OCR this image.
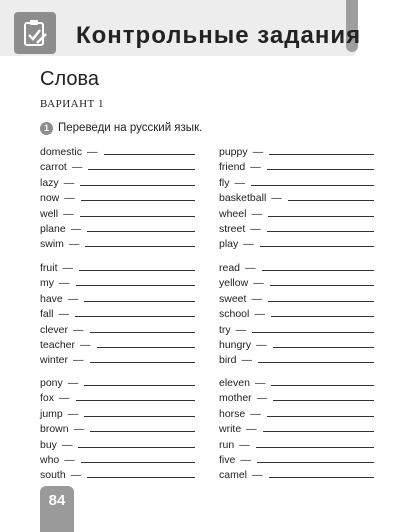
Контрольные задания
Слова
ВАРИАНТ 1
1 Переведи на русский язык.
domestic —
carrot —
lazy —
now —
well —
plane —
swim —
fruit —
my —
have —
fall —
clever —
teacher —
winter —
pony —
fox —
jump —
brown —
buy —
who —
south —
puppy —
friend —
fly —
basketball —
wheel —
street —
play —
read —
yellow —
sweet —
school —
try —
hungry —
bird —
eleven —
mother —
horse —
write —
run —
five —
camel —
84
